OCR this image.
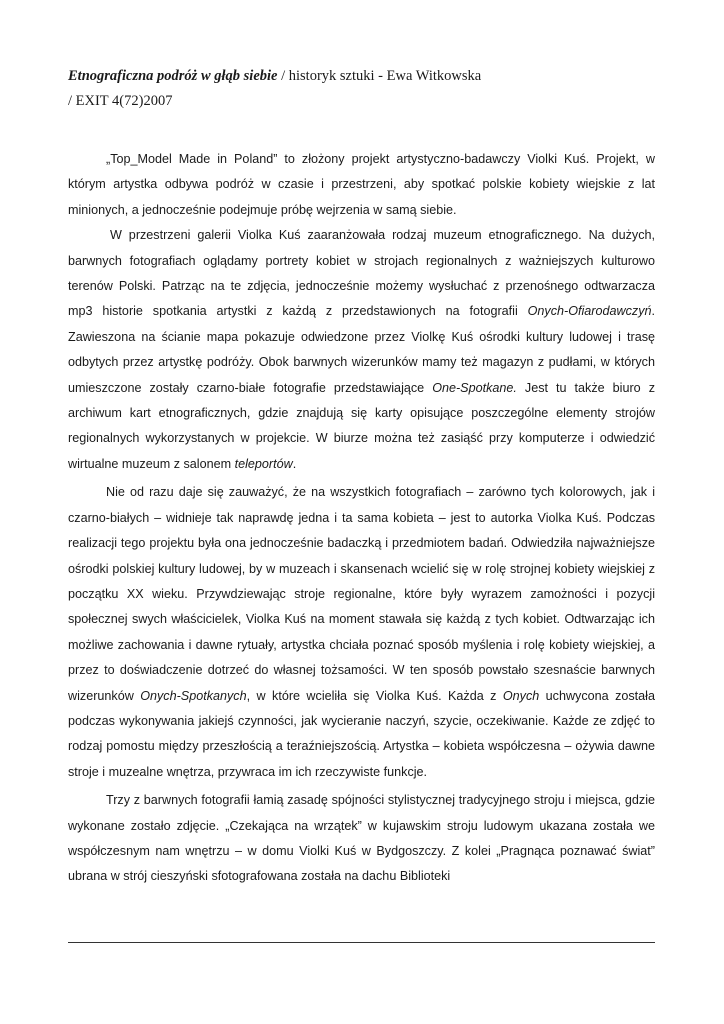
Etnograficzna podróż w głąb siebie / historyk sztuki - Ewa Witkowska
/ EXIT 4(72)2007

„Top_Model Made in Poland” to złożony projekt artystyczno-badawczy Violki Kuś. Projekt, w którym artystka odbywa podróż w czasie i przestrzeni, aby spotkać polskie kobiety wiejskie z lat minionych, a jednocześnie podejmuje próbę wejrzenia w samą siebie.

W przestrzeni galerii Violka Kuś zaaranżowała rodzaj muzeum etnograficznego. Na dużych, barwnych fotografiach oglądamy portrety kobiet w strojach regionalnych z ważniejszych kulturowo terenów Polski. Patrząc na te zdjęcia, jednocześnie możemy wysłuchać z przenośnego odtwarzacza mp3 historie spotkania artystki z każdą z przedstawionych na fotografii Onych-Ofiarodawczyń. Zawieszona na ścianie mapa pokazuje odwiedzone przez Violkę Kuś ośrodki kultury ludowej i trasę odbytych przez artystkę podróży. Obok barwnych wizerunków mamy też magazyn z pudłami, w których umieszczone zostały czarno-białe fotografie przedstawiające One-Spotkane. Jest tu także biuro z archiwum kart etnograficznych, gdzie znajdują się karty opisujące poszczególne elementy strojów regionalnych wykorzystanych w projekcie. W biurze można też zasiąść przy komputerze i odwiedzić wirtualne muzeum z salonem teleportów.

Nie od razu daje się zauważyć, że na wszystkich fotografiach – zarówno tych kolorowych, jak i czarno-białych – widnieje tak naprawdę jedna i ta sama kobieta – jest to autorka Violka Kuś. Podczas realizacji tego projektu była ona jednocześnie badaczką i przedmiotem badań. Odwiedziła najważniejsze ośrodki polskiej kultury ludowej, by w muzeach i skansenach wcielić się w rolę strojnej kobiety wiejskiej z początku XX wieku. Przywdziewając stroje regionalne, które były wyrazem zamożności i pozycji społecznej swych właścicielek, Violka Kuś na moment stawała się każdą z tych kobiet. Odtwarzając ich możliwe zachowania i dawne rytuały, artystka chciała poznać sposób myślenia i rolę kobiety wiejskiej, a przez to doświadczenie dotrzeć do własnej tożsamości. W ten sposób powstało szesnaście barwnych wizerunków Onych-Spotkanych, w które wcieliła się Violka Kuś. Każda z Onych uchwycona została podczas wykonywania jakiejś czynności, jak wycieranie naczyń, szycie, oczekiwanie. Każde ze zdjęć to rodzaj pomostu między przeszłością a teraźniejszością. Artystka – kobieta współczesna – ożywia dawne stroje i muzealne wnętrza, przywraca im ich rzeczywiste funkcje.

Trzy z barwnych fotografii łamią zasadę spójności stylistycznej tradycyjnego stroju i miejsca, gdzie wykonane zostało zdjęcie. „Czekająca na wrzątek” w kujawskim stroju ludowym ukazana została we współczesnym nam wnętrzu – w domu Violki Kuś w Bydgoszczy. Z kolei „Pragnąca poznawać świat” ubrana w strój cieszyński sfotografowana została na dachu Biblioteki
